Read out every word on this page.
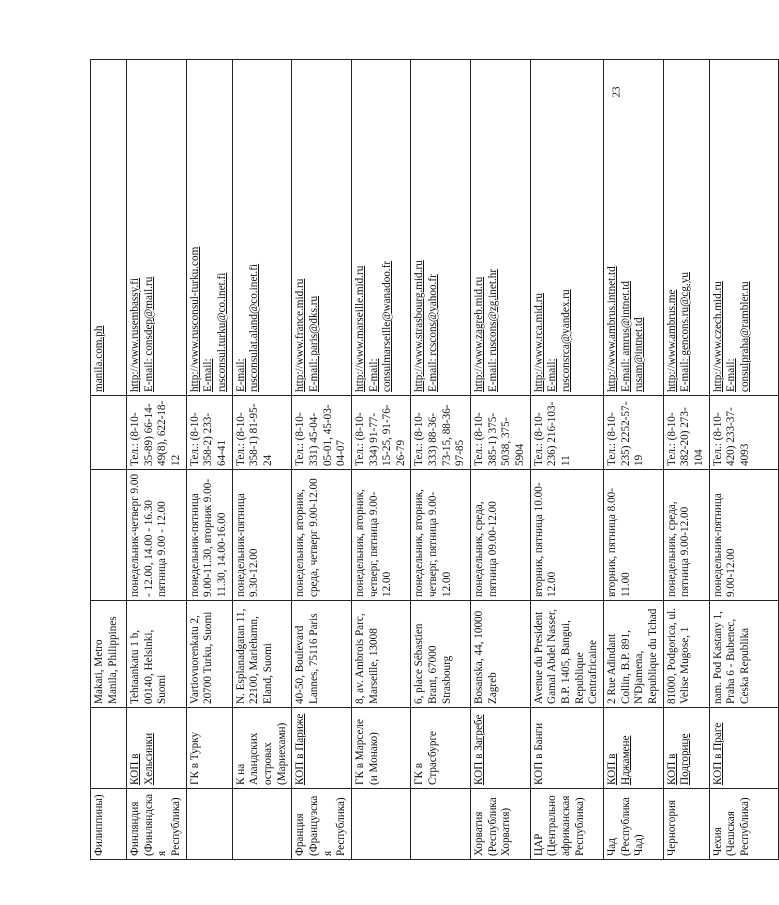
23
Филиппины)		Makati, Metro Manila, Philippines			manila.com.ph

Финляндия (Финляндская Республика)	КОП в Хельсинки	Tehtaankatu 1 b, 00140, Helsinki, Suomi	понедельник-четверг 9.00 - 12.00, 14.00 - 16.30 пятница 9.00 - 12.00	Тел.: (8-10-35-89) 66-14-49(8), 622-18-12	http://www.rusembassy.fi E-mail: consdep@mail.ru

	ГК в Турку	Vartiovuorenkatu 2, 20700 Turku, Suomi	понедельник-пятница 9.00-11.30, вторник 9.00-11.30, 14.00-16.00	Тел.: (8-10-358-2) 233-64-41	http://www.rusconsul-turku.com E-mail: rusconsul.turku@co.inet.fi

	К на Аландских островах (Мариехамн)	N. Esplanadgatan 11, 22100, Mariehamn, Eland, Suomi	понедельник-пятница 9.30-12.00	Тел.: (8-10-358-1) 81-95-24	E-mail: rusconsulat.aland@co.inet.fi

Франция (Французская Республика)	КОП в Париже	40-50, Boulevard Lannes, 75116 Paris	понедельник, вторник, среда, четверг 9.00-12.00	Тел.: (8-10-331) 45-04-05-01, 45-03-04-07	http://www.france.mid.ru E-mail: paris@dks.ru

	ГК в Марселе (и Монако)	8, av. Ambrois Parc, Marseille, 13008	понедельник, вторник, четверг, пятница 9.00-12.00	Тел.: (8-10-334) 91-77-15-25, 91-76-26-79	http://www.marseille.mid.ru E-mail: consulmarseille@wanadoo.fr

	ГК в Страсбурге	6, place Sébastien Brant, 67000 Strasbourg	понедельник, вторник, четверг, пятница 9.00-12.00	Тел.: (8-10-333) 88-36-73-15, 88-36-97-85	http://www.strasbourg.mid.ru E-mail: rcscons@yahoo.fr

Хорватия (Республика Хорватия)	КОП в Загребе	Bosanska, 44, 10000 Zagreb	понедельник, среда, пятница 09.00-12.00	Тел.: (8-10-385-1) 375-5038, 375-5904	http://www.zagreb.mid.ru E-mail: ruscons@zg.inet.hr

ЦАР (Центральноафриканская Республика)	КОП в Банги	Avenue du President Gamal Abdel Nasser, B.P. 1405, Bangui, Republique Centrafricaine	вторник, пятница 10.00-12.00	Тел.: (8-10-236) 216-103-11	http://www.rca.mid.ru E-mail: rusconsrca@yandex.ru

Чад (Республика Чад)	КОП в Нджамене	2 Rue Adindant Collin, B.P. 891, N'Djamena, Republique du Tchad	вторник, пятница 8.00-11.00	Тел.: (8-10-235) 2252-57-19	http://www.ambrus.intnet.td E-mail: amrus@intnet.td rusam@intnet.td

Черногория	КОП в Подгорице	81000, Podgorica, ul. Velise Mugose, 1	понедельник, среда, пятница 9.00-12.00	Тел.: (8-10-382-20) 273-104	http://www.ambrus.me E-mail: gencons.ru@cg.yu

Чехия (Чешская Республика)	КОП в Праге	nam. Pod Kastany 1, Praha 6 - Bubenec, Ceska Republika	понедельник-пятница 9.00-12.00	Тел.: (8-10-420) 233-37-4093	http://www.czech.mid.ru E-mail: consulpraha@rambler.ru
